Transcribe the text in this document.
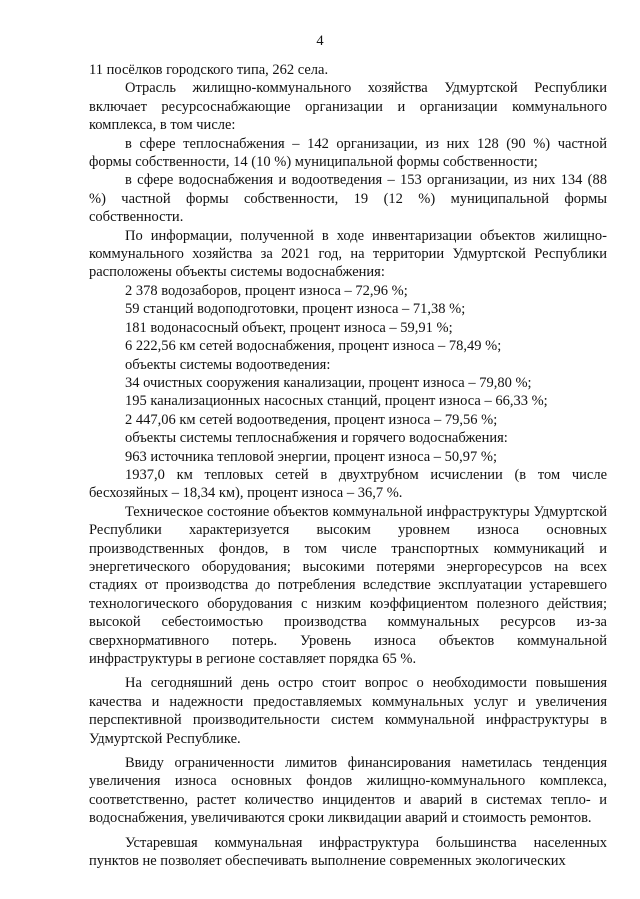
4

11 посёлков городского типа, 262 села.

Отрасль жилищно-коммунального хозяйства Удмуртской Республики включает ресурсоснабжающие организации и организации коммунального комплекса, в том числе:

в сфере теплоснабжения – 142 организации, из них 128 (90 %) частной формы собственности, 14 (10 %) муниципальной формы собственности;

в сфере водоснабжения и водоотведения – 153 организации, из них 134 (88 %) частной формы собственности, 19 (12 %) муниципальной формы собственности.

По информации, полученной в ходе инвентаризации объектов жилищно-коммунального хозяйства за 2021 год, на территории Удмуртской Республики расположены объекты системы водоснабжения:

2 378 водозаборов, процент износа – 72,96 %;

59 станций водоподготовки, процент износа – 71,38 %;

181 водонасосный объект, процент износа – 59,91 %;

6 222,56 км сетей водоснабжения, процент износа – 78,49 %;

объекты системы водоотведения:

34 очистных сооружения канализации, процент износа – 79,80 %;

195 канализационных насосных станций, процент износа – 66,33 %;

2 447,06 км сетей водоотведения, процент износа – 79,56 %;

объекты системы теплоснабжения и горячего водоснабжения:

963 источника тепловой энергии, процент износа – 50,97 %;

1937,0 км тепловых сетей в двухтрубном исчислении (в том числе бесхозяйных – 18,34 км), процент износа – 36,7 %.

Техническое состояние объектов коммунальной инфраструктуры Удмуртской Республики характеризуется высоким уровнем износа основных производственных фондов, в том числе транспортных коммуникаций и энергетического оборудования; высокими потерями энергоресурсов на всех стадиях от производства до потребления вследствие эксплуатации устаревшего технологического оборудования с низким коэффициентом полезного действия; высокой себестоимостью производства коммунальных ресурсов из-за сверхнормативного потерь. Уровень износа объектов коммунальной инфраструктуры в регионе составляет порядка 65 %.

На сегодняшний день остро стоит вопрос о необходимости повышения качества и надежности предоставляемых коммунальных услуг и увеличения перспективной производительности систем коммунальной инфраструктуры в Удмуртской Республике.

Ввиду ограниченности лимитов финансирования наметилась тенденция увеличения износа основных фондов жилищно-коммунального комплекса, соответственно, растет количество инцидентов и аварий в системах тепло- и водоснабжения, увеличиваются сроки ликвидации аварий и стоимость ремонтов.

Устаревшая коммунальная инфраструктура большинства населенных пунктов не позволяет обеспечивать выполнение современных экологических
